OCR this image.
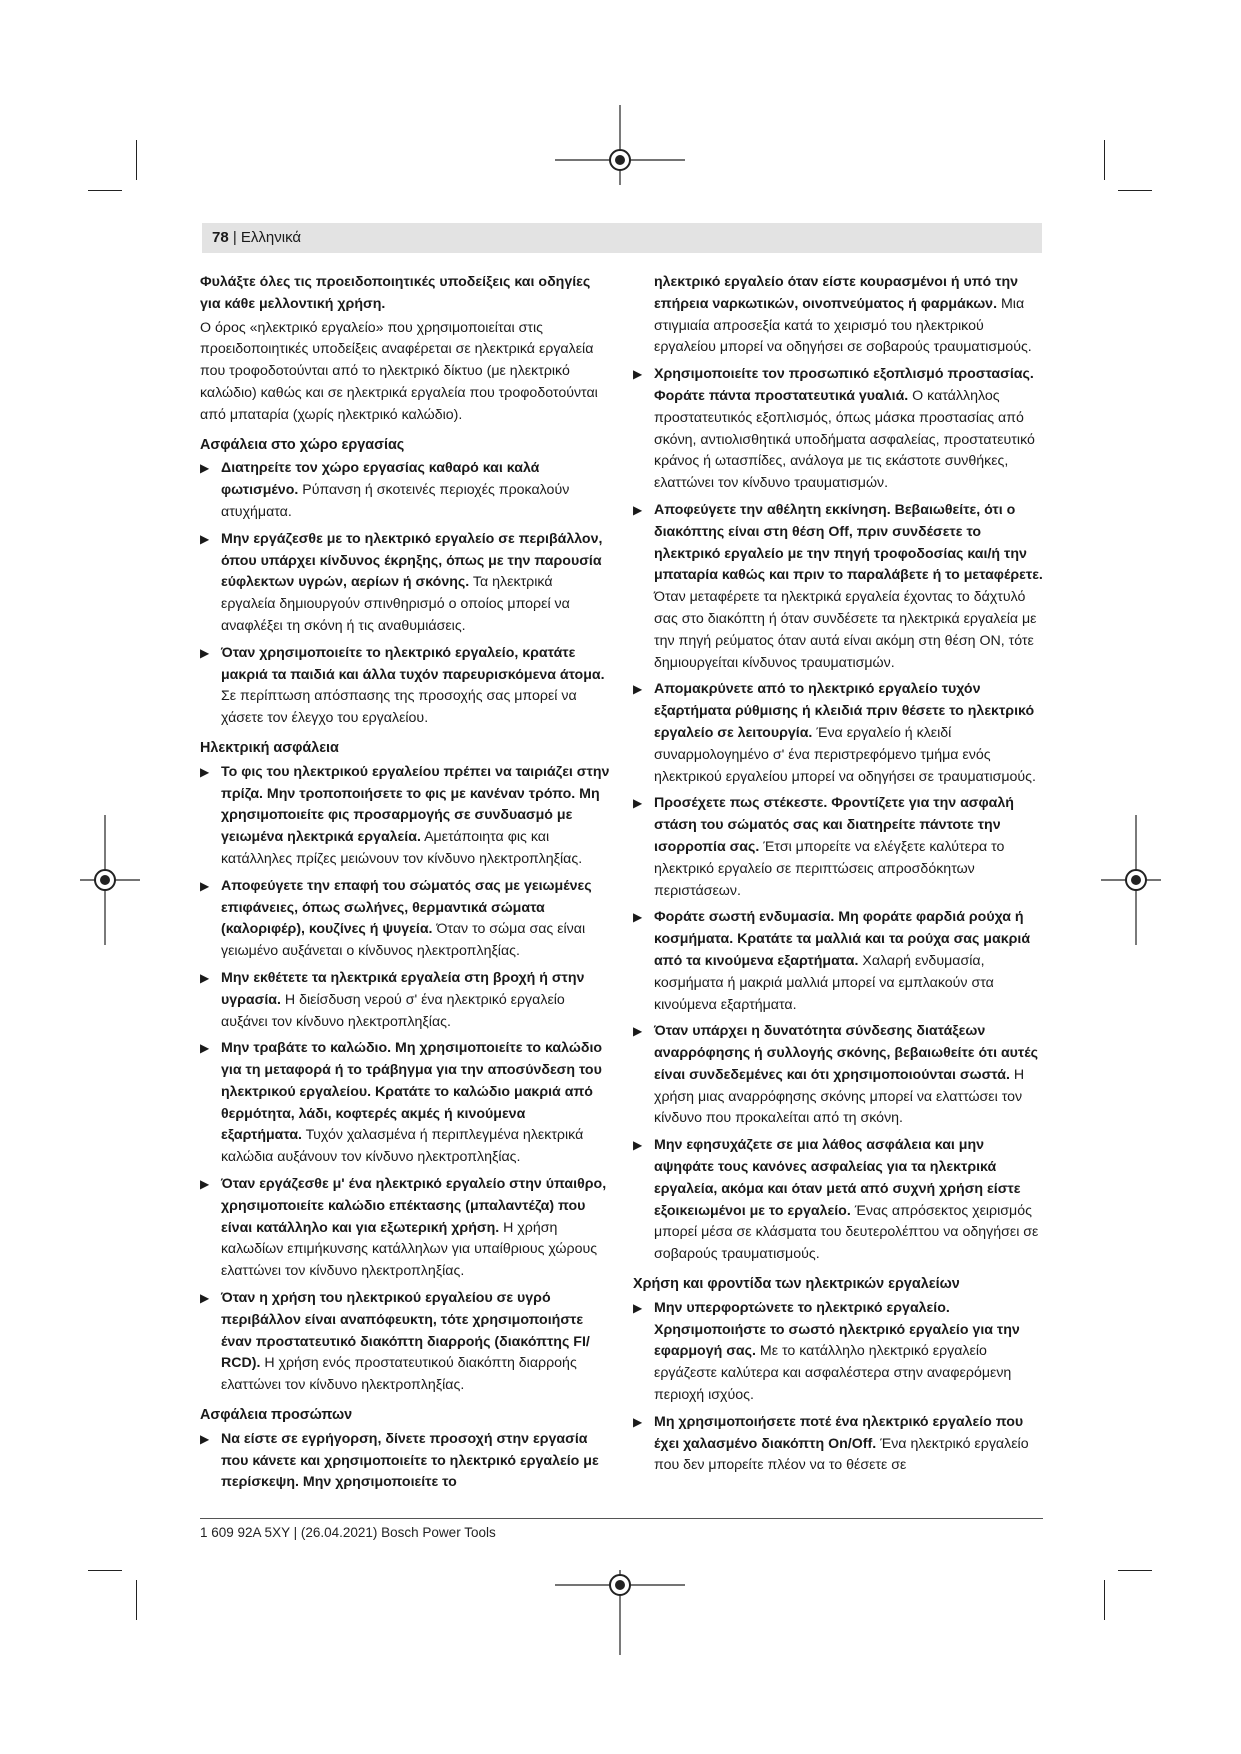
78 | Ελληνικά

Φυλάξτε όλες τις προειδοποιητικές υποδείξεις και οδηγίες για κάθε μελλοντική χρήση.

Ο όρος «ηλεκτρικό εργαλείο» που χρησιμοποιείται στις προειδοποιητικές υποδείξεις αναφέρεται σε ηλεκτρικά εργαλεία που τροφοδοτούνται από το ηλεκτρικό δίκτυο (με ηλεκτρικό καλώδιο) καθώς και σε ηλεκτρικά εργαλεία που τροφοδοτούνται από μπαταρία (χωρίς ηλεκτρικό καλώδιο).

Ασφάλεια στο χώρο εργασίας
▶ Διατηρείτε τον χώρο εργασίας καθαρό και καλά φωτισμένο. Ρύπανση ή σκοτεινές περιοχές προκαλούν ατυχήματα.
▶ Μην εργάζεσθε με το ηλεκτρικό εργαλείο σε περιβάλλον, όπου υπάρχει κίνδυνος έκρηξης, όπως με την παρουσία εύφλεκτων υγρών, αερίων ή σκόνης. Τα ηλεκτρικά εργαλεία δημιουργούν σπινθηρισμό ο οποίος μπορεί να αναφλέξει τη σκόνη ή τις αναθυμιάσεις.
▶ Όταν χρησιμοποιείτε το ηλεκτρικό εργαλείο, κρατάτε μακριά τα παιδιά και άλλα τυχόν παρευρισκόμενα άτομα. Σε περίπτωση απόσπασης της προσοχής σας μπορεί να χάσετε τον έλεγχο του εργαλείου.
Ηλεκτρική ασφάλεια
▶ Το φις του ηλεκτρικού εργαλείου πρέπει να ταιριάζει στην πρίζα. Μην τροποποιήσετε το φις με κανέναν τρόπο. Μη χρησιμοποιείτε φις προσαρμογής σε συνδυασμό με γειωμένα ηλεκτρικά εργαλεία. Αμετάποιητα φις και κατάλληλες πρίζες μειώνουν τον κίνδυνο ηλεκτροπληξίας.
▶ Αποφεύγετε την επαφή του σώματός σας με γειωμένες επιφάνειες, όπως σωλήνες, θερμαντικά σώματα (καλοριφέρ), κουζίνες ή ψυγεία. Όταν το σώμα σας είναι γειωμένο αυξάνεται ο κίνδυνος ηλεκτροπληξίας.
▶ Μην εκθέτετε τα ηλεκτρικά εργαλεία στη βροχή ή στην υγρασία. Η διείσδυση νερού σ' ένα ηλεκτρικό εργαλείο αυξάνει τον κίνδυνο ηλεκτροπληξίας.
▶ Μην τραβάτε το καλώδιο. Μη χρησιμοποιείτε το καλώδιο για τη μεταφορά ή το τράβηγμα για την αποσύνδεση του ηλεκτρικού εργαλείου. Κρατάτε το καλώδιο μακριά από θερμότητα, λάδι, κοφτερές ακμές ή κινούμενα εξαρτήματα. Τυχόν χαλασμένα ή περιπλεγμένα ηλεκτρικά καλώδια αυξάνουν τον κίνδυνο ηλεκτροπληξίας.
▶ Όταν εργάζεσθε μ' ένα ηλεκτρικό εργαλείο στην ύπαιθρο, χρησιμοποιείτε καλώδιο επέκτασης (μπαλαντέζα) που είναι κατάλληλο και για εξωτερική χρήση. Η χρήση καλωδίων επιμήκυνσης κατάλληλων για υπαίθριους χώρους ελαττώνει τον κίνδυνο ηλεκτροπληξίας.
▶ Όταν η χρήση του ηλεκτρικού εργαλείου σε υγρό περιβάλλον είναι αναπόφευκτη, τότε χρησιμοποιήστε έναν προστατευτικό διακόπτη διαρροής (διακόπτης FI/ RCD). Η χρήση ενός προστατευτικού διακόπτη διαρροής ελαττώνει τον κίνδυνο ηλεκτροπληξίας.
Ασφάλεια προσώπων
▶ Να είστε σε εγρήγορση, δίνετε προσοχή στην εργασία που κάνετε και χρησιμοποιείτε το ηλεκτρικό εργαλείο με περίσκεψη. Μην χρησιμοποιείτε το
ηλεκτρικό εργαλείο όταν είστε κουρασμένοι ή υπό την επήρεια ναρκωτικών, οινοπνεύματος ή φαρμάκων. Μια στιγμιαία απροσεξία κατά το χειρισμό του ηλεκτρικού εργαλείου μπορεί να οδηγήσει σε σοβαρούς τραυματισμούς.
▶ Χρησιμοποιείτε τον προσωπικό εξοπλισμό προστασίας. Φοράτε πάντα προστατευτικά γυαλιά. Ο κατάλληλος προστατευτικός εξοπλισμός, όπως μάσκα προστασίας από σκόνη, αντιολισθητικά υποδήματα ασφαλείας, προστατευτικό κράνος ή ωτασπίδες, ανάλογα με τις εκάστοτε συνθήκες, ελαττώνει τον κίνδυνο τραυματισμών.
▶ Αποφεύγετε την αθέλητη εκκίνηση. Βεβαιωθείτε, ότι ο διακόπτης είναι στη θέση Off, πριν συνδέσετε το ηλεκτρικό εργαλείο με την πηγή τροφοδοσίας και/ή την μπαταρία καθώς και πριν το παραλάβετε ή το μεταφέρετε. Όταν μεταφέρετε τα ηλεκτρικά εργαλεία έχοντας το δάχτυλό σας στο διακόπτη ή όταν συνδέσετε τα ηλεκτρικά εργαλεία με την πηγή ρεύματος όταν αυτά είναι ακόμη στη θέση ON, τότε δημιουργείται κίνδυνος τραυματισμών.
▶ Απομακρύνετε από το ηλεκτρικό εργαλείο τυχόν εξαρτήματα ρύθμισης ή κλειδιά πριν θέσετε το ηλεκτρικό εργαλείο σε λειτουργία. Ένα εργαλείο ή κλειδί συναρμολογημένο σ' ένα περιστρεφόμενο τμήμα ενός ηλεκτρικού εργαλείου μπορεί να οδηγήσει σε τραυματισμούς.
▶ Προσέχετε πως στέκεστε. Φροντίζετε για την ασφαλή στάση του σώματός σας και διατηρείτε πάντοτε την ισορροπία σας. Έτσι μπορείτε να ελέγξετε καλύτερα το ηλεκτρικό εργαλείο σε περιπτώσεις απροσδόκητων περιστάσεων.
▶ Φοράτε σωστή ενδυμασία. Μη φοράτε φαρδιά ρούχα ή κοσμήματα. Κρατάτε τα μαλλιά και τα ρούχα σας μακριά από τα κινούμενα εξαρτήματα. Χαλαρή ενδυμασία, κοσμήματα ή μακριά μαλλιά μπορεί να εμπλακούν στα κινούμενα εξαρτήματα.
▶ Όταν υπάρχει η δυνατότητα σύνδεσης διατάξεων αναρρόφησης ή συλλογής σκόνης, βεβαιωθείτε ότι αυτές είναι συνδεδεμένες και ότι χρησιμοποιούνται σωστά. Η χρήση μιας αναρρόφησης σκόνης μπορεί να ελαττώσει τον κίνδυνο που προκαλείται από τη σκόνη.
▶ Μην εφησυχάζετε σε μια λάθος ασφάλεια και μην αψηφάτε τους κανόνες ασφαλείας για τα ηλεκτρικά εργαλεία, ακόμα και όταν μετά από συχνή χρήση είστε εξοικειωμένοι με το εργαλείο. Ένας απρόσεκτος χειρισμός μπορεί μέσα σε κλάσματα του δευτερολέπτου να οδηγήσει σε σοβαρούς τραυματισμούς.
Χρήση και φροντίδα των ηλεκτρικών εργαλείων
▶ Μην υπερφορτώνετε το ηλεκτρικό εργαλείο. Χρησιμοποιήστε το σωστό ηλεκτρικό εργαλείο για την εφαρμογή σας. Με το κατάλληλο ηλεκτρικό εργαλείο εργάζεστε καλύτερα και ασφαλέστερα στην αναφερόμενη περιοχή ισχύος.
▶ Μη χρησιμοποιήσετε ποτέ ένα ηλεκτρικό εργαλείο που έχει χαλασμένο διακόπτη On/Off. Ένα ηλεκτρικό εργαλείο που δεν μπορείτε πλέον να το θέσετε σε
1 609 92A 5XY | (26.04.2021) Bosch Power Tools
